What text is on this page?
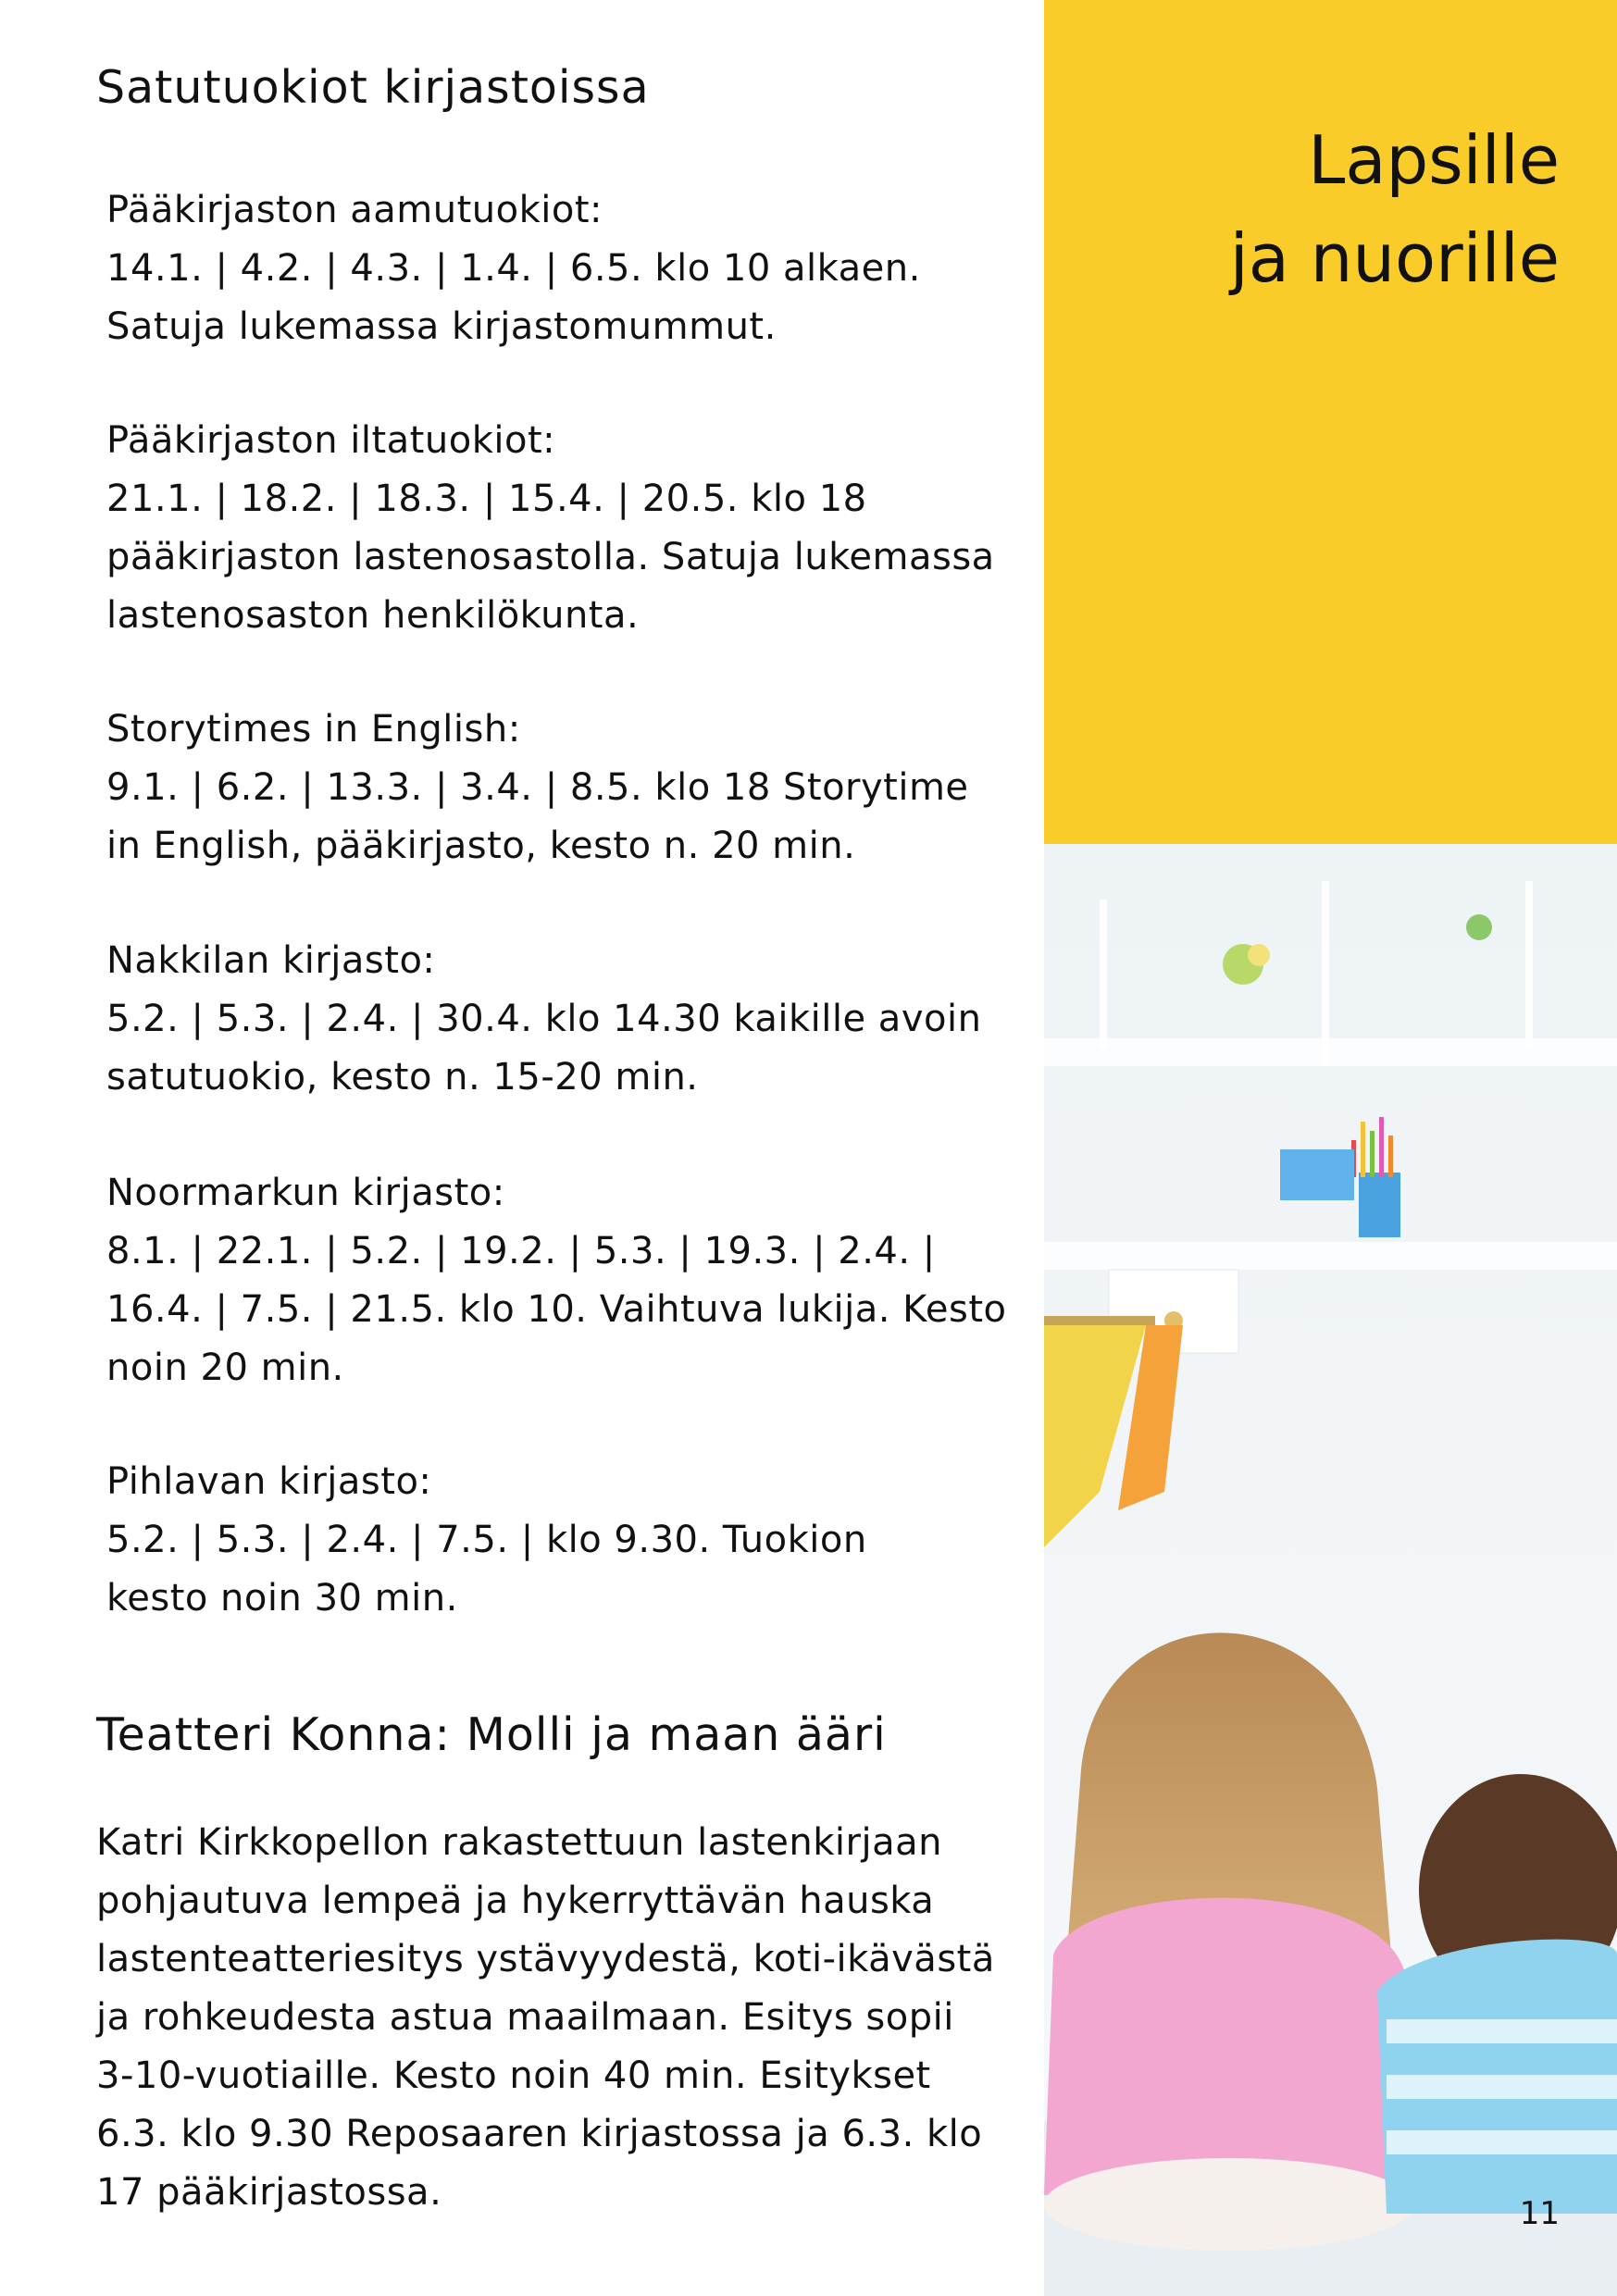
Satutuokiot kirjastoissa

Pääkirjaston aamutuokiot:

14.1. | 4.2. | 4.3. | 1.4. | 6.5. klo 10 alkaen.

Satuja lukemassa kirjastomummut.

Pääkirjaston iltatuokiot:

21.1. | 18.2. | 18.3. | 15.4. | 20.5. klo 18

pääkirjaston lastenosastolla. Satuja lukemassa

lastenosaston henkilökunta.

Storytimes in English:

9.1. | 6.2. | 13.3. | 3.4. | 8.5. klo 18 Storytime

in English, pääkirjasto, kesto n. 20 min.

Nakkilan kirjasto:

5.2. | 5.3. | 2.4. | 30.4. klo 14.30 kaikille avoin

satutuokio, kesto n. 15-20 min.

Noormarkun kirjasto:

8.1. | 22.1. | 5.2. | 19.2. | 5.3. | 19.3. | 2.4. |

16.4. | 7.5. | 21.5. klo 10. Vaihtuva lukija. Kesto

noin 20 min.

Pihlavan kirjasto:

5.2. | 5.3. | 2.4. | 7.5. | klo 9.30. Tuokion

kesto noin 30 min.

Teatteri Konna: Molli ja maan ääri

Katri Kirkkopellon rakastettuun lastenkirjaan

pohjautuva lempeä ja hykerryttävän hauska

lastenteatteriesitys ystävyydestä, koti-ikävästä

ja rohkeudesta astua maailmaan. Esitys sopii

3-10-vuotiaille. Kesto noin 40 min. Esitykset

6.3. klo 9.30 Reposaaren kirjastossa ja 6.3. klo

17 pääkirjastossa.

Lapsille
ja nuorille
11
